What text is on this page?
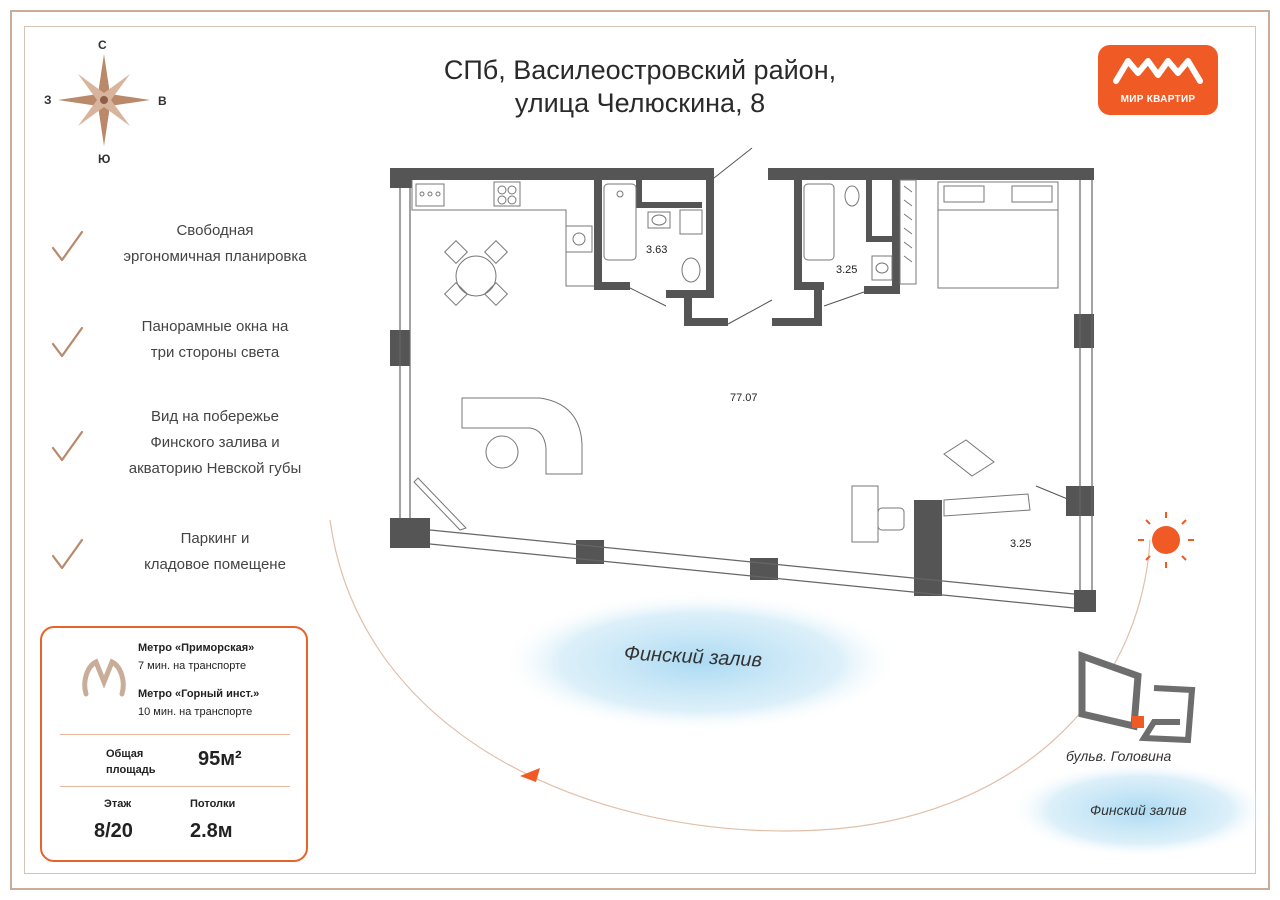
С
Ю
З	В
СПб, Василеостровский район,
улица Челюскина, 8	МИР КВАРТИР
Свободная
эргономичная планировка
Панорамные окна на
три стороны света
Вид на побережье
Финского залива и
акваторию Невской губы
Паркинг и
кладовое помещене
Метро «Приморская»
7 мин. на транспорте
Метро «Горный инст.»
10 мин. на транспорте
Общая
площадь 95м²
Этаж	Потолки
8/20	2.8м
3.63
3.25
77.07
3.25
Финский залив
бульв. Головина
Финский залив
